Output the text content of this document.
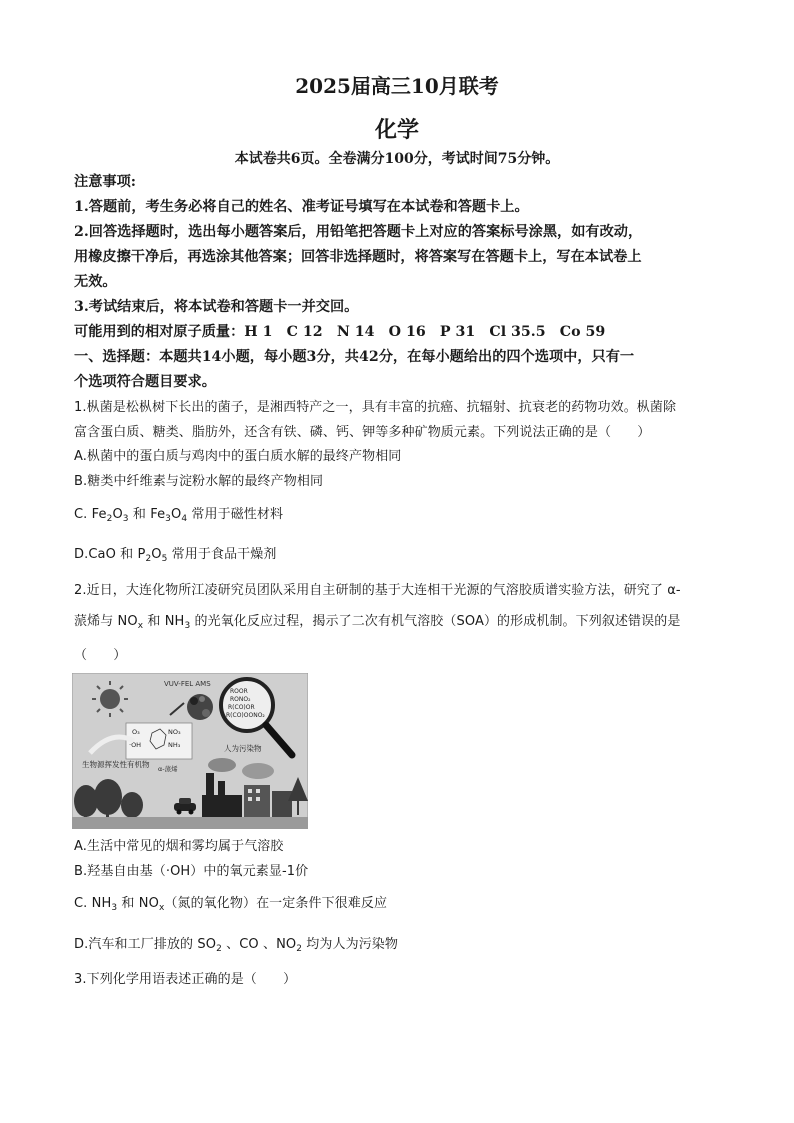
2025届高三10月联考
化学
本试卷共6页。全卷满分100分，考试时间75分钟。
注意事项:
1.答题前，考生务必将自己的姓名、准考证号填写在本试卷和答题卡上。
2.回答选择题时，选出每小题答案后，用铅笔把答题卡上对应的答案标号涂黑，如有改动，
用橡皮擦干净后，再选涂其他答案；回答非选择题时，将答案写在答题卡上，写在本试卷上
无效。
3.考试结束后，将本试卷和答题卡一并交回。
可能用到的相对原子质量：H 1　C 12　N 14　O 16　P 31　Cl 35.5　Co 59
一、选择题：本题共14小题，每小题3分，共42分，在每小题给出的四个选项中，只有一
个选项符合题目要求。
1.枞菌是松枞树下长出的菌子，是湘西特产之一，具有丰富的抗癌、抗辐射、抗衰老的药物功效。枞菌除
富含蛋白质、糖类、脂肪外，还含有铁、磷、钙、钾等多种矿物质元素。下列说法正确的是（　　）
A.枞菌中的蛋白质与鸡肉中的蛋白质水解的最终产物相同
B.糖类中纤维素与淀粉水解的最终产物相同
C. $Fe_2O_3$ 和 $Fe_3O_4$ 常用于磁性材料
D.CaO 和 $P_2O_5$ 常用于食品干燥剂
2.近日，大连化物所江凌研究员团队采用自主研制的基于大连相干光源的气溶胶质谱实验方法，研究了 α-
蒎烯与 $NO_x$ 和 $NH_3$ 的光氧化反应过程，揭示了二次有机气溶胶（SOA）的形成机制。下列叙述错误的是
（　　）
VUV-FEL AMS
ROOR
RONO₂
R(CO)OR
R(CO)OONO₂
O₃	NO₃
·OH	NH₃
生物源挥发性有机物 α-蒎烯
人为污染物
A.生活中常见的烟和雾均属于气溶胶
B.羟基自由基（·OH）中的氧元素显-1价
C. $NH_3$ 和 $NO_x$（氮的氧化物）在一定条件下很难反应
D.汽车和工厂排放的 $SO_2$ 、CO 、$NO_2$ 均为人为污染物
3.下列化学用语表述正确的是（　　）
